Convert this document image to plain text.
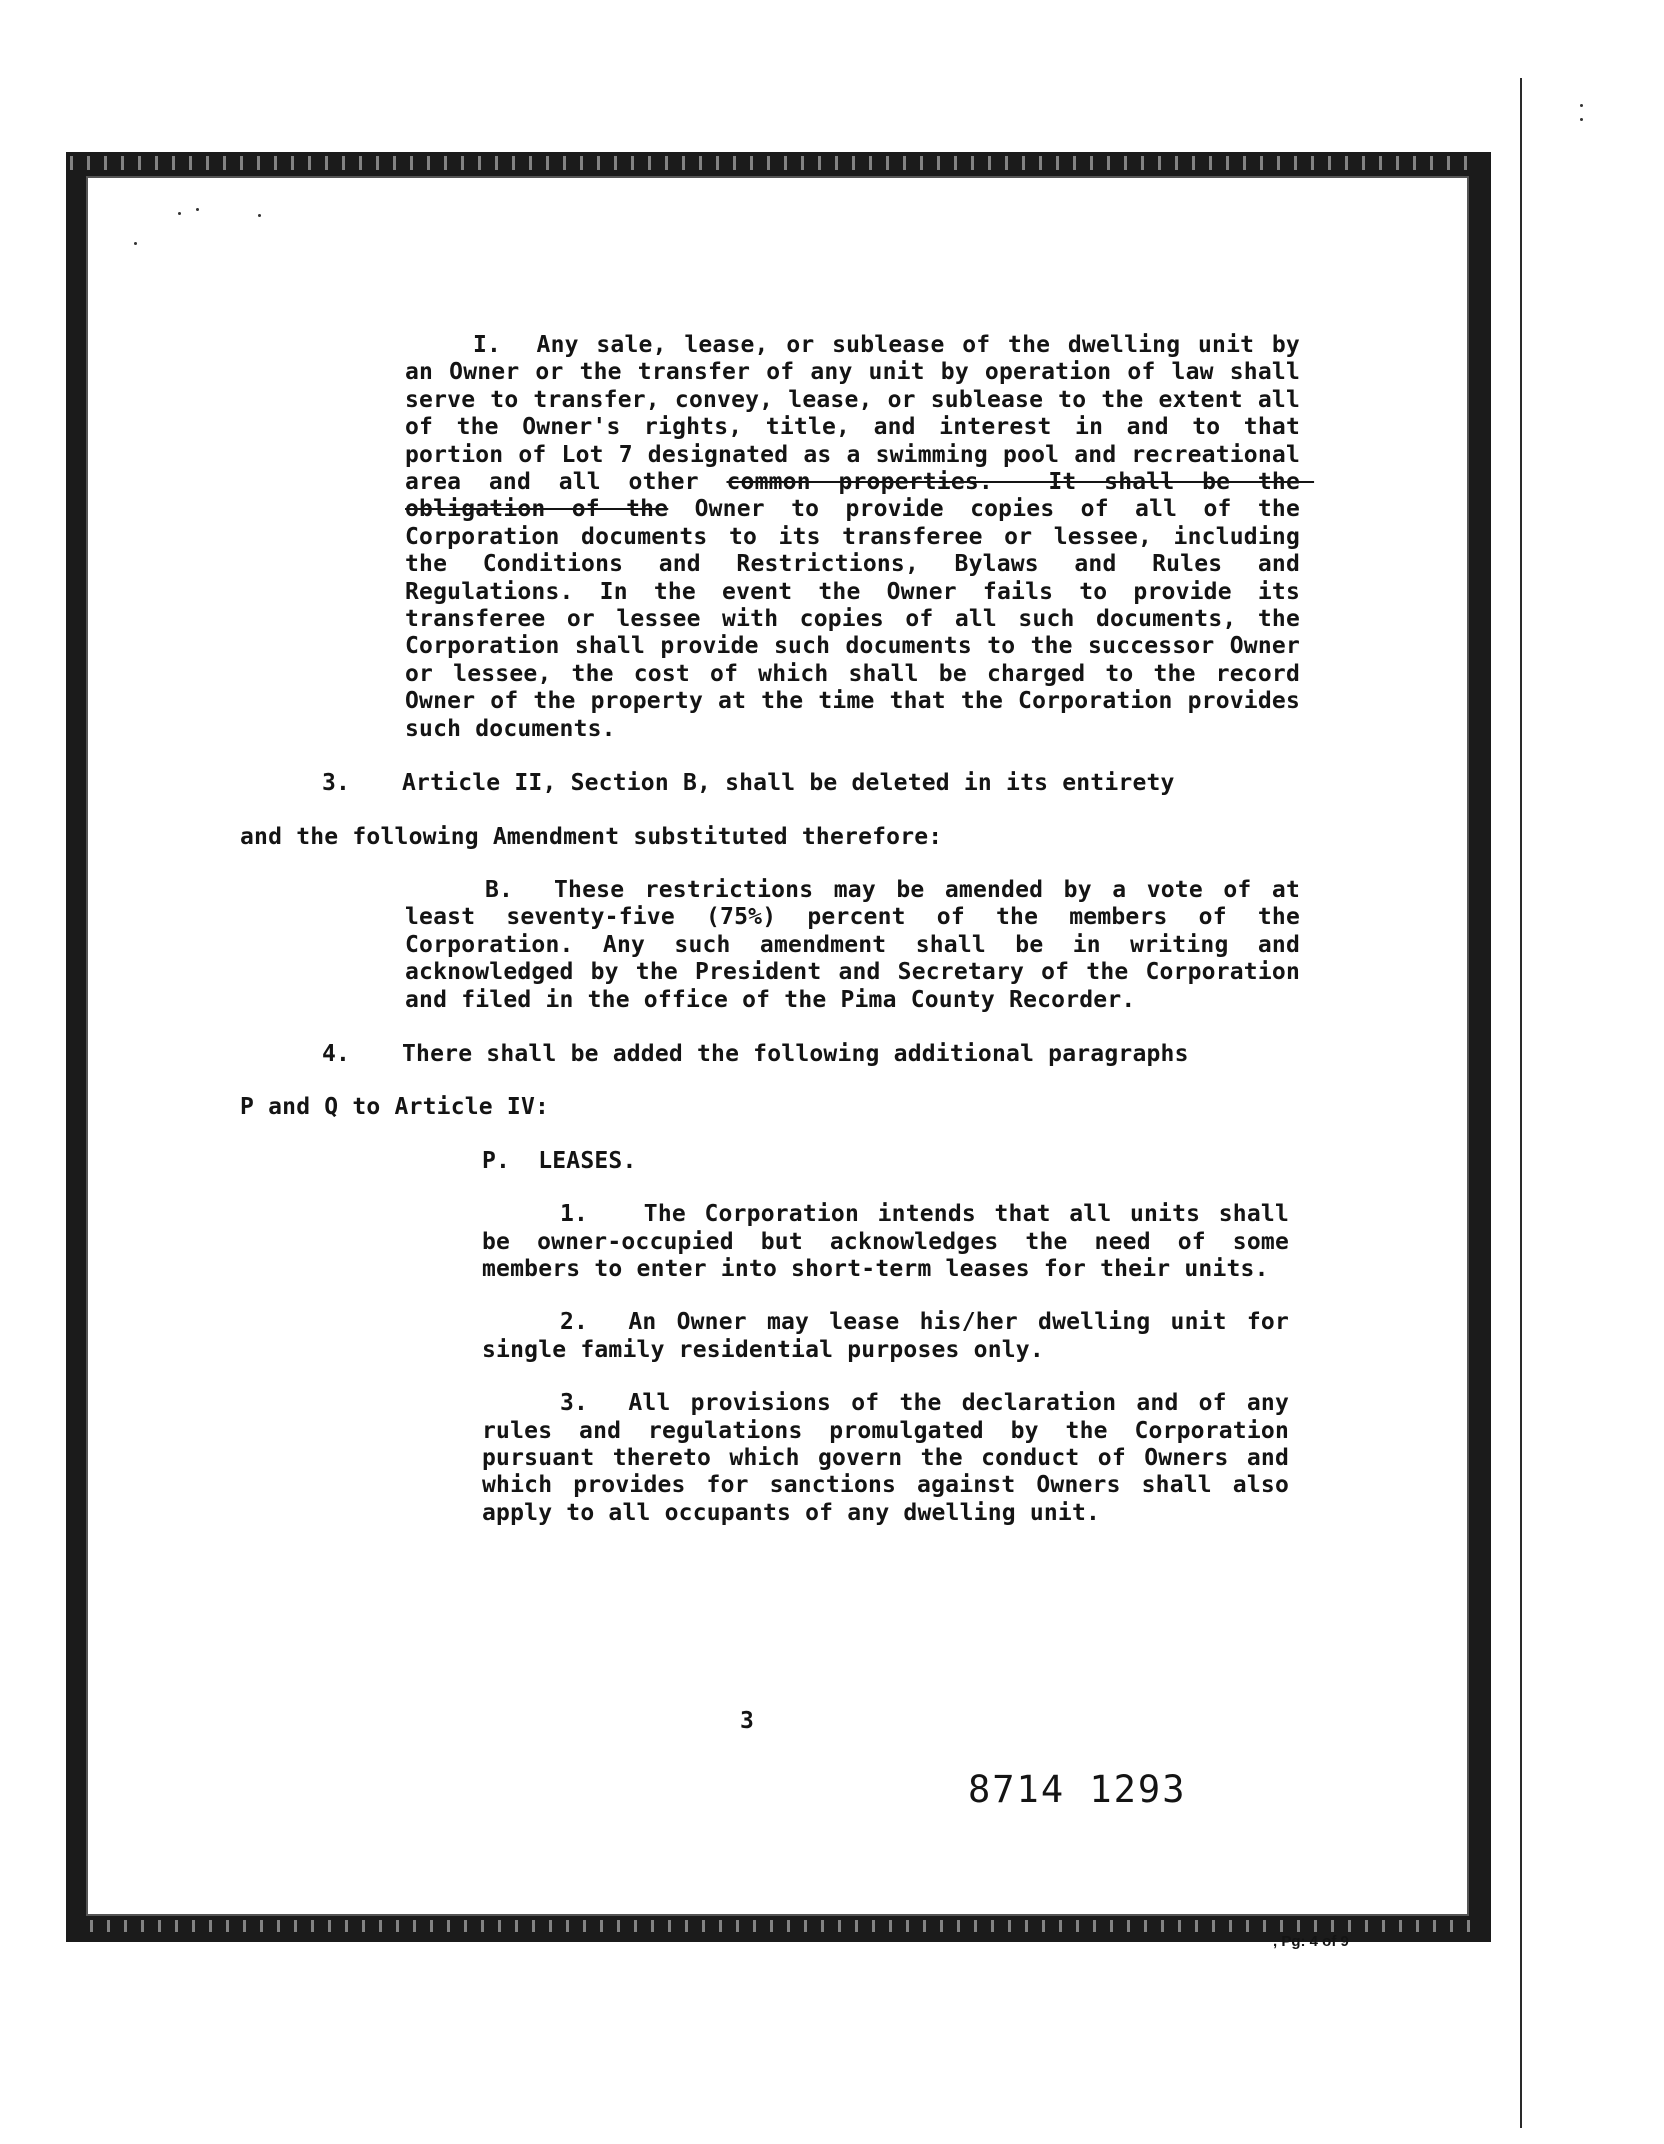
I.  Any sale, lease, or sublease of the dwelling unit by an Owner or the transfer of any unit by operation of law shall serve to transfer, convey, lease, or sublease to the extent all of the Owner's rights, title, and interest in and to that portion of Lot 7 designated as a swimming pool and recreational area and all other common properties.  It shall be the obligation of the Owner to provide copies of all of the Corporation documents to its transferee or lessee, including the Conditions and Restrictions, Bylaws and Rules and Regulations. In the event the Owner fails to provide its transferee or lessee with copies of all such documents, the Corporation shall provide such documents to the successor Owner or lessee, the cost of which shall be charged to the record Owner of the property at the time that the Corporation provides such documents.

3. Article II, Section B, shall be deleted in its entirety

and the following Amendment substituted therefore:

B.  These restrictions may be amended by a vote of at least seventy-five (75%) percent of the members of the Corporation. Any such amendment shall be in writing and acknowledged by the President and Secretary of the Corporation and filed in the office of the Pima County Recorder.

4. There shall be added the following additional paragraphs

P and Q to Article IV:

P.  LEASES.

1.   The Corporation intends that all units shall be owner-occupied but acknowledges the need of some members to enter into short-term leases for their units.

2.  An Owner may lease his/her dwelling unit for single family residential purposes only.

3.  All provisions of the declaration and of any rules and regulations promulgated by the Corporation pursuant thereto which govern the conduct of Owners and which provides for sanctions against Owners shall also apply to all occupants of any dwelling unit.

3
8714 1293
, Pg: 4 of 9
